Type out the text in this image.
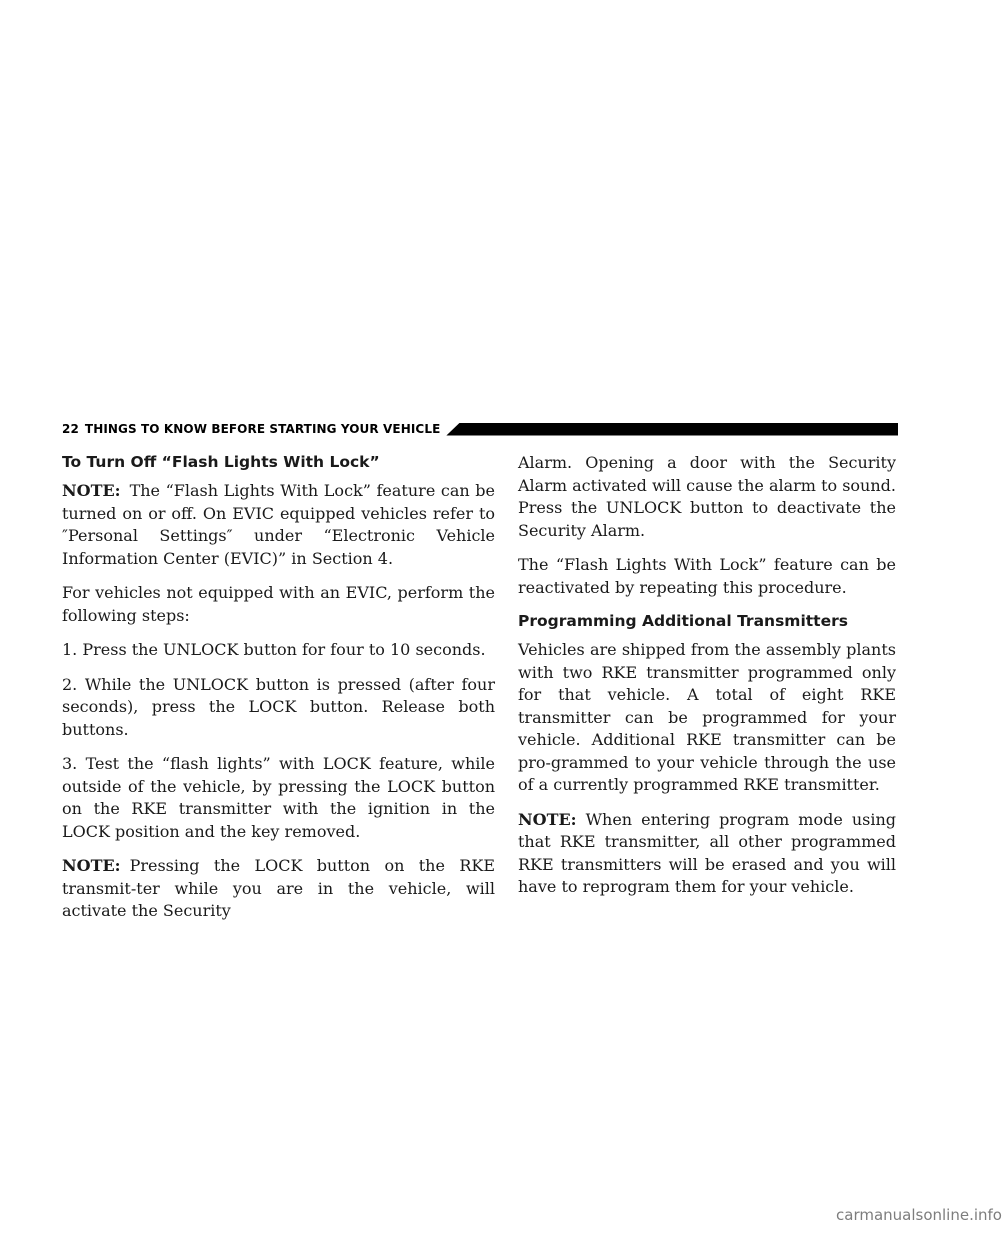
22 THINGS TO KNOW BEFORE STARTING YOUR VEHICLE
To Turn Off “Flash Lights With Lock”

NOTE: The “Flash Lights With Lock” feature can be turned on or off. On EVIC equipped vehicles refer to ″Personal Settings″ under “Electronic Vehicle Information Center (EVIC)” in Section 4.

For vehicles not equipped with an EVIC, perform the following steps:

1. Press the UNLOCK button for four to 10 seconds.

2. While the UNLOCK button is pressed (after four seconds), press the LOCK button. Release both buttons.

3. Test the “flash lights” with LOCK feature, while outside of the vehicle, by pressing the LOCK button on the RKE transmitter with the ignition in the LOCK position and the key removed.

NOTE: Pressing the LOCK button on the RKE transmit-ter while you are in the vehicle, will activate the Security

Alarm. Opening a door with the Security Alarm activated will cause the alarm to sound. Press the UNLOCK button to deactivate the Security Alarm.

The “Flash Lights With Lock” feature can be reactivated by repeating this procedure.

Programming Additional Transmitters

Vehicles are shipped from the assembly plants with two RKE transmitter programmed only for that vehicle. A total of eight RKE transmitter can be programmed for your vehicle. Additional RKE transmitter can be pro-grammed to your vehicle through the use of a currently programmed RKE transmitter.

NOTE: When entering program mode using that RKE transmitter, all other programmed RKE transmitters will be erased and you will have to reprogram them for your vehicle.

carmanualsonline.info
